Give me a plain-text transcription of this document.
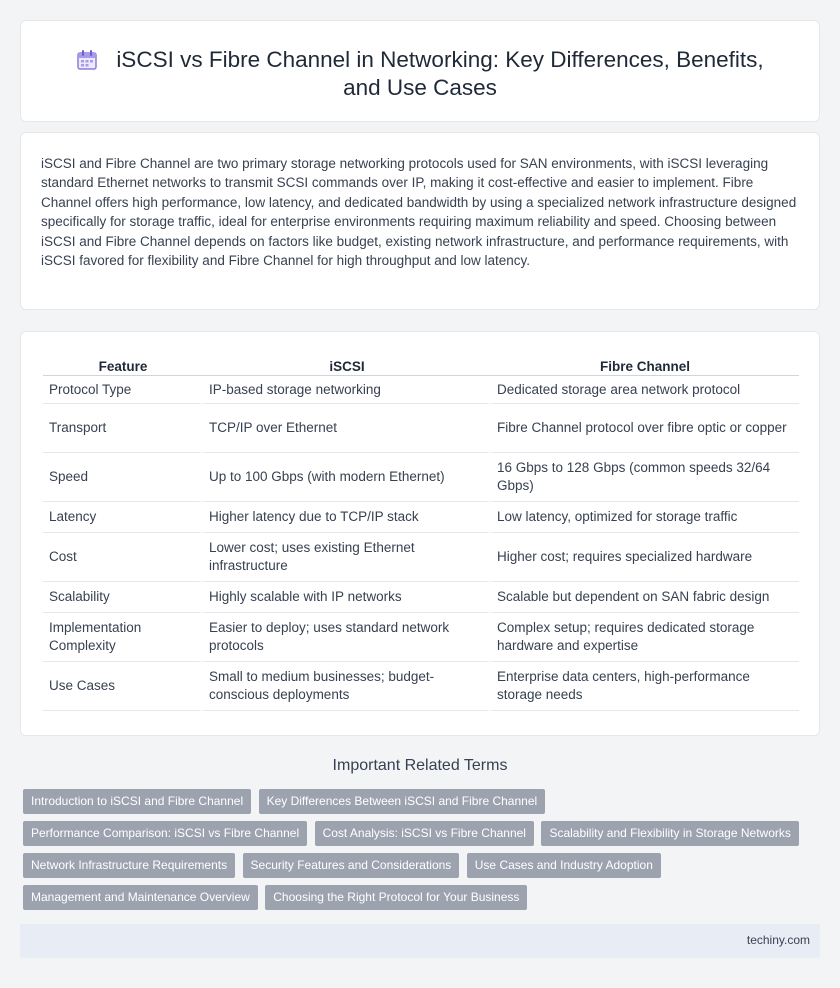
iSCSI vs Fibre Channel in Networking: Key Differences, Benefits, and Use Cases

iSCSI and Fibre Channel are two primary storage networking protocols used for SAN environments, with iSCSI leveraging standard Ethernet networks to transmit SCSI commands over IP, making it cost-effective and easier to implement. Fibre Channel offers high performance, low latency, and dedicated bandwidth by using a specialized network infrastructure designed specifically for storage traffic, ideal for enterprise environments requiring maximum reliability and speed. Choosing between iSCSI and Fibre Channel depends on factors like budget, existing network infrastructure, and performance requirements, with iSCSI favored for flexibility and Fibre Channel for high throughput and low latency.

Feature	iSCSI	Fibre Channel
Protocol Type	IP-based storage networking	Dedicated storage area network protocol
Transport	TCP/IP over Ethernet	Fibre Channel protocol over fibre optic or copper
Speed	Up to 100 Gbps (with modern Ethernet)	16 Gbps to 128 Gbps (common speeds 32/64 Gbps)
Latency	Higher latency due to TCP/IP stack	Low latency, optimized for storage traffic
Cost	Lower cost; uses existing Ethernet infrastructure	Higher cost; requires specialized hardware
Scalability	Highly scalable with IP networks	Scalable but dependent on SAN fabric design
Implementation Complexity	Easier to deploy; uses standard network protocols	Complex setup; requires dedicated storage hardware and expertise
Use Cases	Small to medium businesses; budget-conscious deployments	Enterprise data centers, high-performance storage needs
Important Related Terms
Introduction to iSCSI and Fibre Channel Key Differences Between iSCSI and Fibre Channel Performance Comparison: iSCSI vs Fibre Channel Cost Analysis: iSCSI vs Fibre Channel Scalability and Flexibility in Storage Networks Network Infrastructure Requirements Security Features and Considerations Use Cases and Industry Adoption Management and Maintenance Overview Choosing the Right Protocol for Your Business
techiny.com
